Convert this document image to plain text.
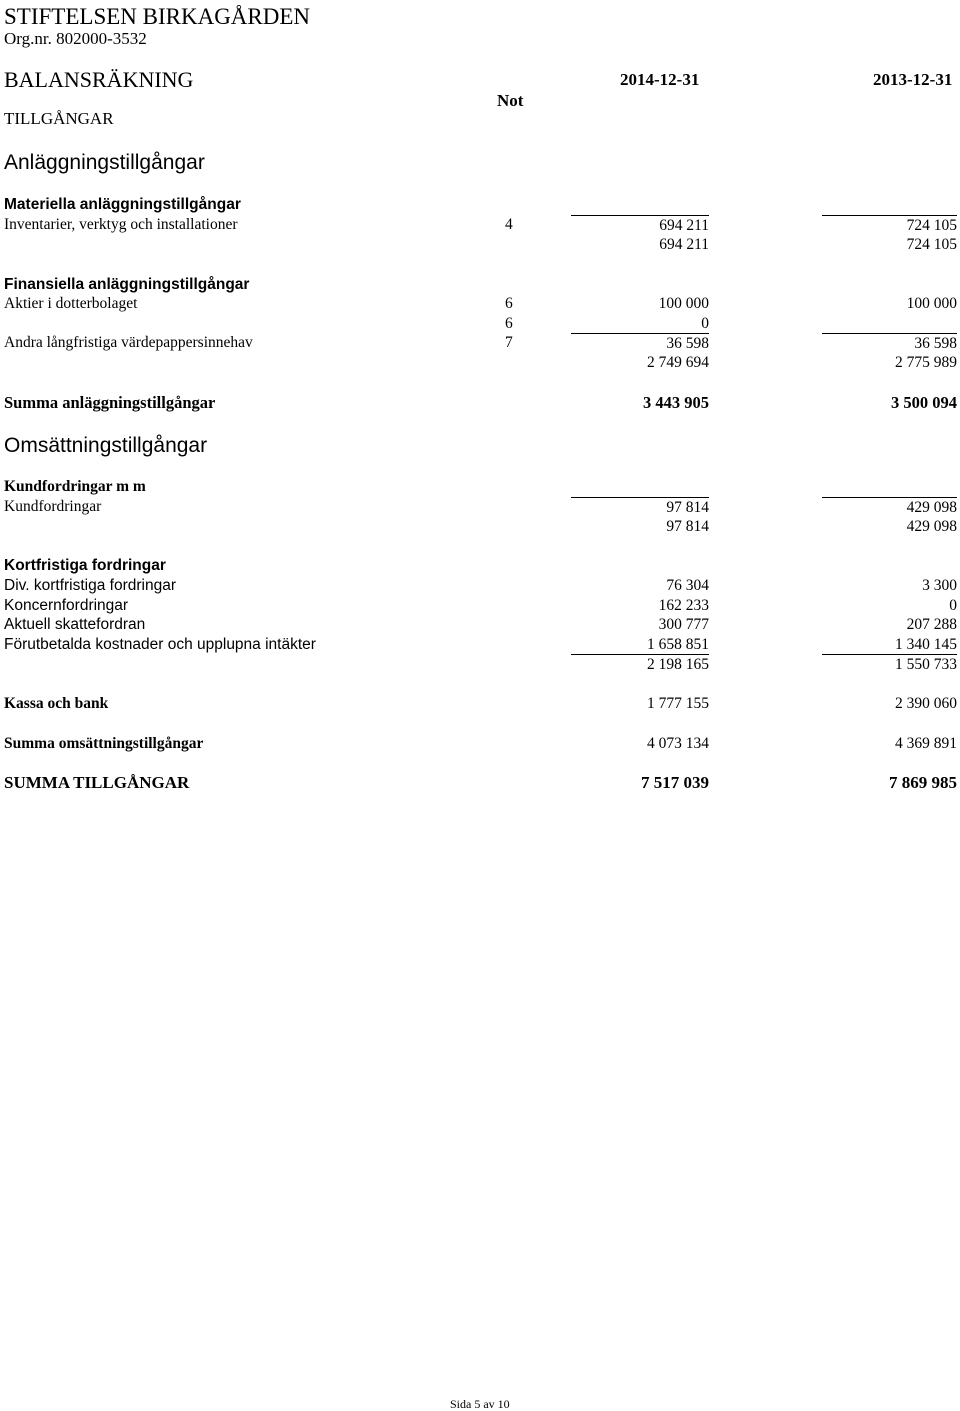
STIFTELSEN BIRKAGÅRDEN
Org.nr. 802000-3532
BALANSRÄKNING	2014-12-31	2013-12-31
Not
TILLGÅNGAR
Anläggningstillgångar
Materiella anläggningstillgångar
Inventarier, verktyg och installationer	4	694 211	724 105
694 211	724 105
Finansiella anläggningstillgångar
Aktier i dotterbolaget	6	100 000	100 000
6	0
Andra långfristiga värdepappersinnehav	7	36 598	36 598
2 749 694	2 775 989
Summa anläggningstillgångar	3 443 905	3 500 094
Omsättningstillgångar
Kundfordringar m m
Kundfordringar	97 814	429 098
97 814	429 098
Kortfristiga fordringar
Div. kortfristiga fordringar	76 304	3 300
Koncernfordringar	162 233	0
Aktuell skattefordran	300 777	207 288
Förutbetalda kostnader och upplupna intäkter	1 658 851	1 340 145
2 198 165	1 550 733
Kassa och bank	1 777 155	2 390 060
Summa omsättningstillgångar	4 073 134	4 369 891
SUMMA TILLGÅNGAR	7 517 039	7 869 985
Sida 5 av 10
